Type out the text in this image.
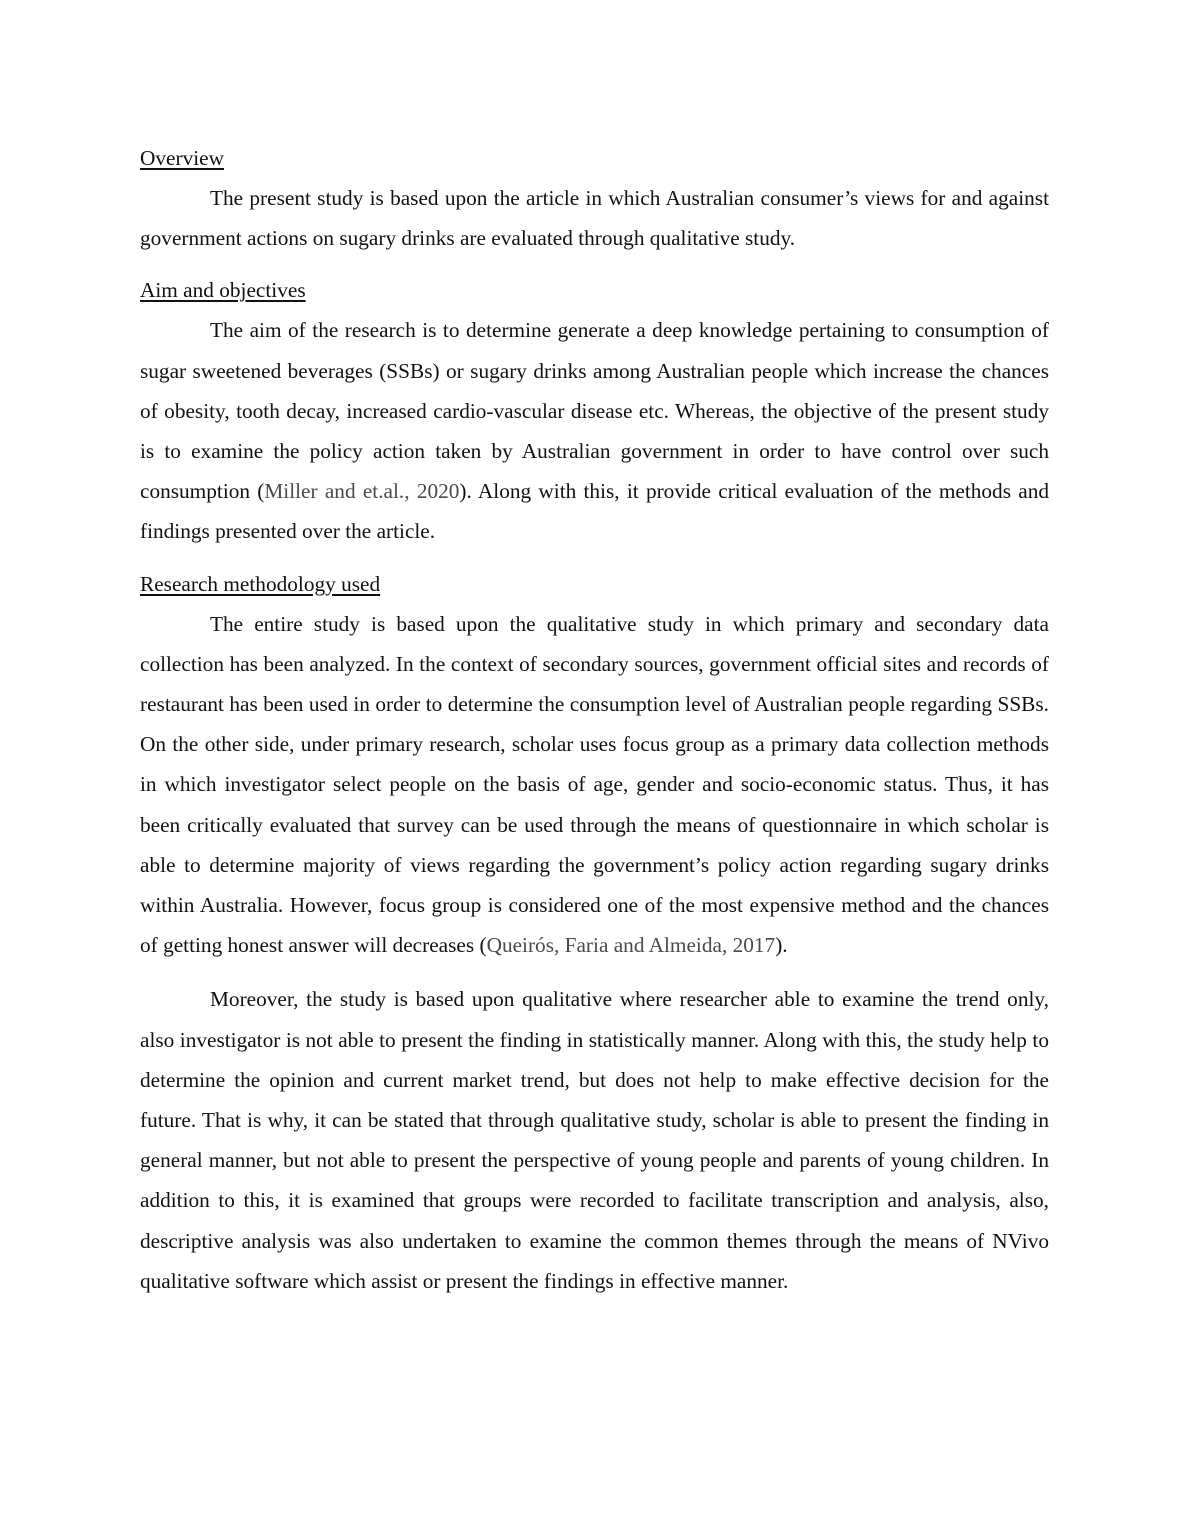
Overview

The present study is based upon the article in which Australian consumer’s views for and against government actions on sugary drinks are evaluated through qualitative study.

Aim and objectives

The aim of the research is to determine generate a deep knowledge pertaining to consumption of sugar sweetened beverages (SSBs) or sugary drinks among Australian people which increase the chances of obesity, tooth decay, increased cardio-vascular disease etc. Whereas, the objective of the present study is to examine the policy action taken by Australian government in order to have control over such consumption (Miller and et.al., 2020). Along with this, it provide critical evaluation of the methods and findings presented over the article.

Research methodology used

The entire study is based upon the qualitative study in which primary and secondary data collection has been analyzed. In the context of secondary sources, government official sites and records of restaurant has been used in order to determine the consumption level of Australian people regarding SSBs. On the other side, under primary research, scholar uses focus group as a primary data collection methods in which investigator select people on the basis of age, gender and socio-economic status. Thus, it has been critically evaluated that survey can be used through the means of questionnaire in which scholar is able to determine majority of views regarding the government’s policy action regarding sugary drinks within Australia. However, focus group is considered one of the most expensive method and the chances of getting honest answer will decreases (Queirós, Faria and Almeida, 2017).

Moreover, the study is based upon qualitative where researcher able to examine the trend only, also investigator is not able to present the finding in statistically manner. Along with this, the study help to determine the opinion and current market trend, but does not help to make effective decision for the future. That is why, it can be stated that through qualitative study, scholar is able to present the finding in general manner, but not able to present the perspective of young people and parents of young children. In addition to this, it is examined that groups were recorded to facilitate transcription and analysis, also, descriptive analysis was also undertaken to examine the common themes through the means of NVivo qualitative software which assist or present the findings in effective manner.
